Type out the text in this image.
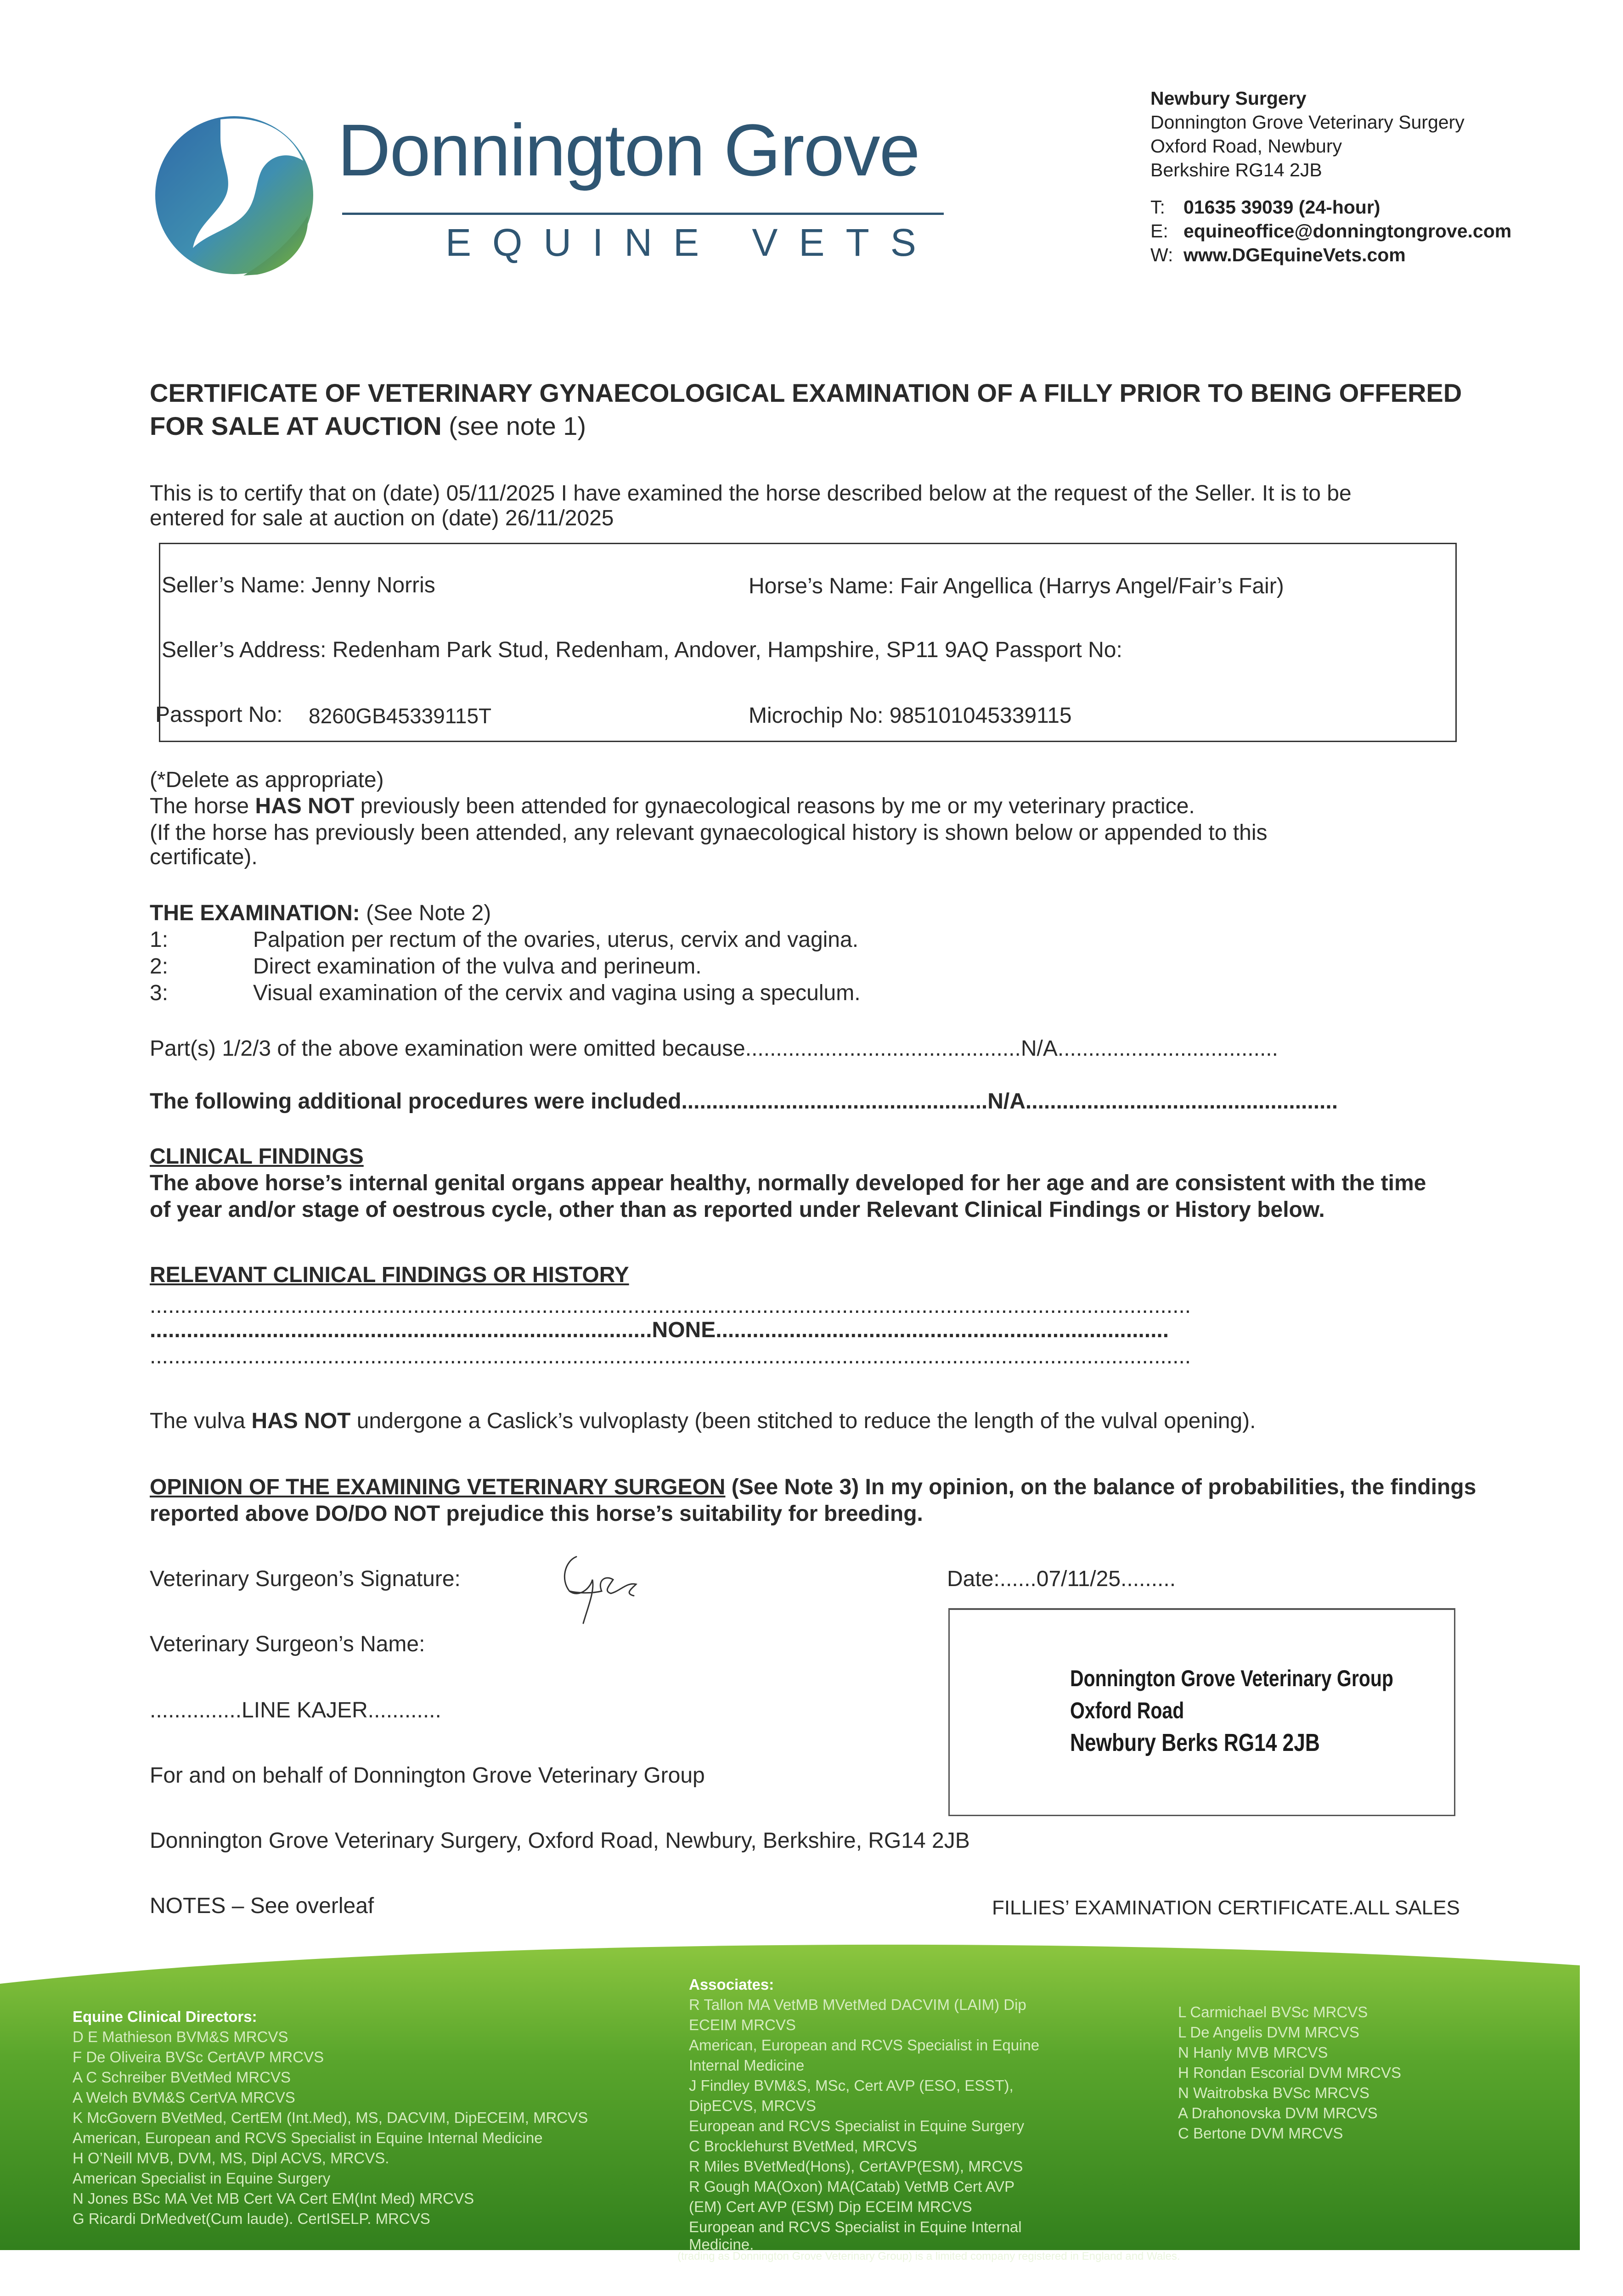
Donnington Grove
EQUINE VETS
Newbury Surgery
Donnington Grove Veterinary Surgery
Oxford Road, Newbury
Berkshire RG14 2JB
T: 01635 39039 (24-hour)
E: equineoffice@donningtongrove.com
W: www.DGEquineVets.com
CERTIFICATE OF VETERINARY GYNAECOLOGICAL EXAMINATION OF A FILLY PRIOR TO BEING OFFERED
FOR SALE AT AUCTION (see note 1)
This is to certify that on (date) 05/11/2025 I have examined the horse described below at the request of the Seller. It is to be
entered for sale at auction on (date) 26/11/2025
Seller’s Name: Jenny Norris	Horse’s Name: Fair Angellica (Harrys Angel/Fair’s Fair)
Seller’s Address: Redenham Park Stud, Redenham, Andover, Hampshire, SP11 9AQ Passport No:
Passport No: 8260GB45339115T	Microchip No: 985101045339115
(*Delete as appropriate)
The horse HAS NOT previously been attended for gynaecological reasons by me or my veterinary practice.
(If the horse has previously been attended, any relevant gynaecological history is shown below or appended to this
certificate).
THE EXAMINATION: (See Note 2)
1:	Palpation per rectum of the ovaries, uterus, cervix and vagina.
2:	Direct examination of the vulva and perineum.
3:	Visual examination of the cervix and vagina using a speculum.
Part(s) 1/2/3 of the above examination were omitted because.............................................N/A....................................
The following additional procedures were included..................................................N/A...................................................
CLINICAL FINDINGS
The above horse’s internal genital organs appear healthy, normally developed for her age and are consistent with the time
of year and/or stage of oestrous cycle, other than as reported under Relevant Clinical Findings or History below.
RELEVANT CLINICAL FINDINGS OR HISTORY
..........................................................................................................................................................................
..................................................................................NONE..........................................................................
..........................................................................................................................................................................
The vulva HAS NOT undergone a Caslick’s vulvoplasty (been stitched to reduce the length of the vulval opening).
OPINION OF THE EXAMINING VETERINARY SURGEON (See Note 3) In my opinion, on the balance of probabilities, the findings
reported above DO/DO NOT prejudice this horse’s suitability for breeding.
Veterinary Surgeon’s Signature:	Date:......07/11/25.........
Veterinary Surgeon’s Name:
...............LINE KAJER............
For and on behalf of Donnington Grove Veterinary Group
Donnington Grove Veterinary Surgery, Oxford Road, Newbury, Berkshire, RG14 2JB
NOTES – See overleaf	FILLIES’ EXAMINATION CERTIFICATE.ALL SALES
Donnington Grove Veterinary Group
Oxford Road
Newbury Berks RG14 2JB
Equine Clinical Directors:
D E Mathieson BVM&S MRCVS
F De Oliveira BVSc CertAVP MRCVS
A C Schreiber BVetMed MRCVS
A Welch BVM&S CertVA MRCVS
K McGovern BVetMed, CertEM (Int.Med), MS, DACVIM, DipECEIM, MRCVS
American, European and RCVS Specialist in Equine Internal Medicine
H O’Neill MVB, DVM, MS, Dipl ACVS, MRCVS.
American Specialist in Equine Surgery
N Jones BSc MA Vet MB Cert VA Cert EM(Int Med) MRCVS
G Ricardi DrMedvet(Cum laude). CertISELP. MRCVS
Associates:
R Tallon MA VetMB MVetMed DACVIM (LAIM) Dip
ECEIM MRCVS
American, European and RCVS Specialist in Equine
Internal Medicine
J Findley BVM&S, MSc, Cert AVP (ESO, ESST),
DipECVS, MRCVS
European and RCVS Specialist in Equine Surgery
C Brocklehurst BVetMed, MRCVS
R Miles BVetMed(Hons), CertAVP(ESM), MRCVS
R Gough MA(Oxon) MA(Catab) VetMB Cert AVP
(EM) Cert AVP (ESM) Dip ECEIM MRCVS
European and RCVS Specialist in Equine Internal
Medicine.
L Carmichael BVSc MRCVS
L De Angelis DVM MRCVS
N Hanly MVB MRCVS
H Rondan Escorial DVM MRCVS
N Waitrobska BVSc MRCVS
A Drahonovska DVM MRCVS
C Bertone DVM MRCVS
Donnington Grove Veterinary Group Limited (trading as Donnington Grove Veterinary Group) is a limited company registered in England and Wales.
